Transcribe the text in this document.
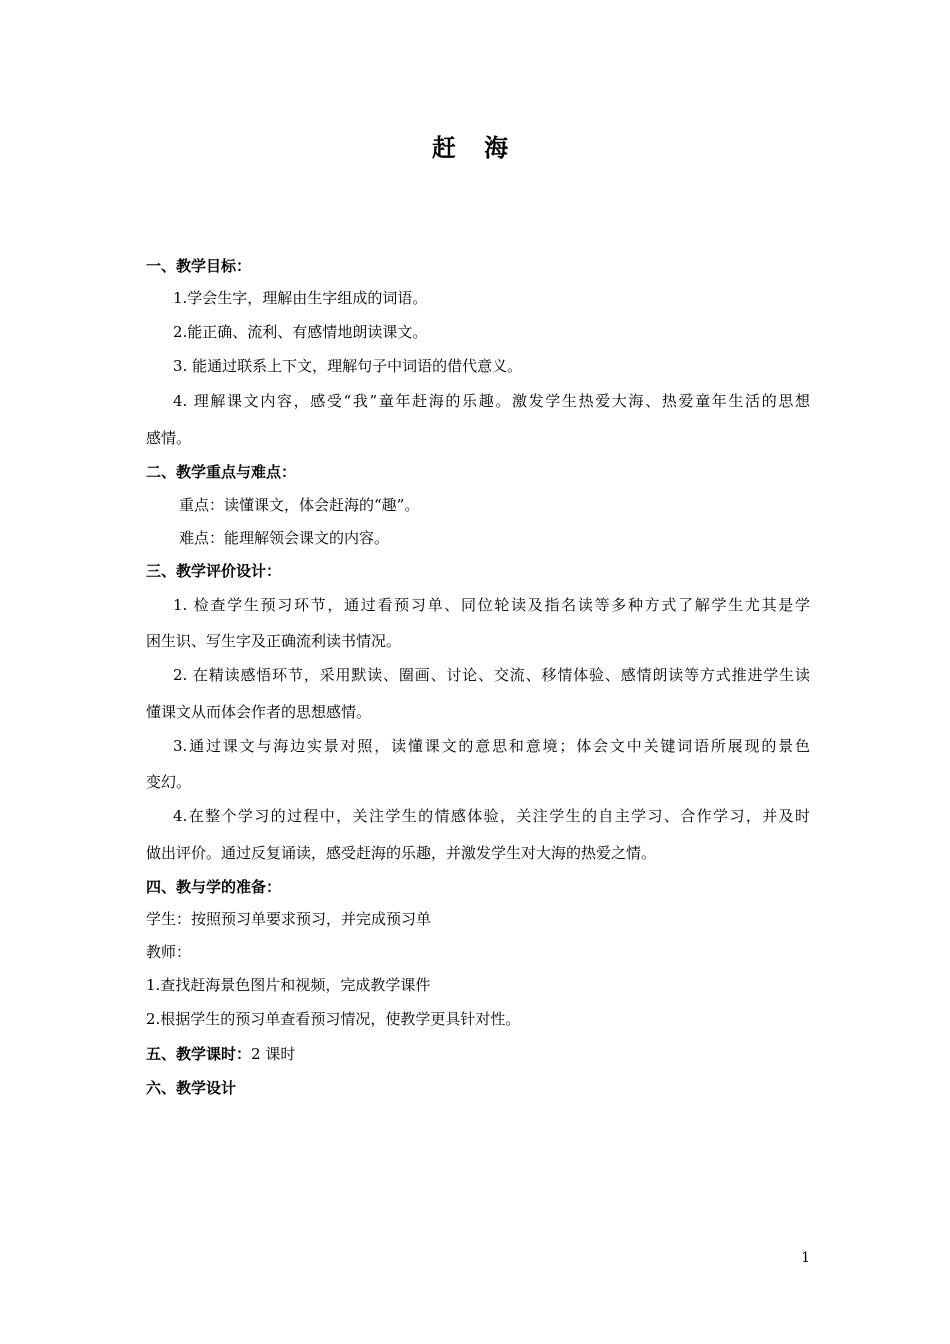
赶 海
一、教学目标：
1.学会生字，理解由生字组成的词语。
2.能正确、流利、有感情地朗读课文。
3. 能通过联系上下文，理解句子中词语的借代意义。
4. 理解课文内容，感受“我”童年赶海的乐趣。激发学生热爱大海、热爱童年生活的思想
感情。
二、教学重点与难点：
重点：读懂课文，体会赶海的“趣”。
难点：能理解领会课文的内容。
三、教学评价设计：
1. 检查学生预习环节，通过看预习单、同位轮读及指名读等多种方式了解学生尤其是学
困生识、写生字及正确流利读书情况。
2. 在精读感悟环节，采用默读、圈画、讨论、交流、移情体验、感情朗读等方式推进学生读
懂课文从而体会作者的思想感情。
3.通过课文与海边实景对照，读懂课文的意思和意境；体会文中关键词语所展现的景色
变幻。
4.在整个学习的过程中，关注学生的情感体验，关注学生的自主学习、合作学习，并及时
做出评价。通过反复诵读，感受赶海的乐趣，并激发学生对大海的热爱之情。
四、教与学的准备：
学生：按照预习单要求预习，并完成预习单
教师：
1.查找赶海景色图片和视频，完成教学课件
2.根据学生的预习单查看预习情况，使教学更具针对性。
五、教学课时：2 课时
六、教学设计
1
